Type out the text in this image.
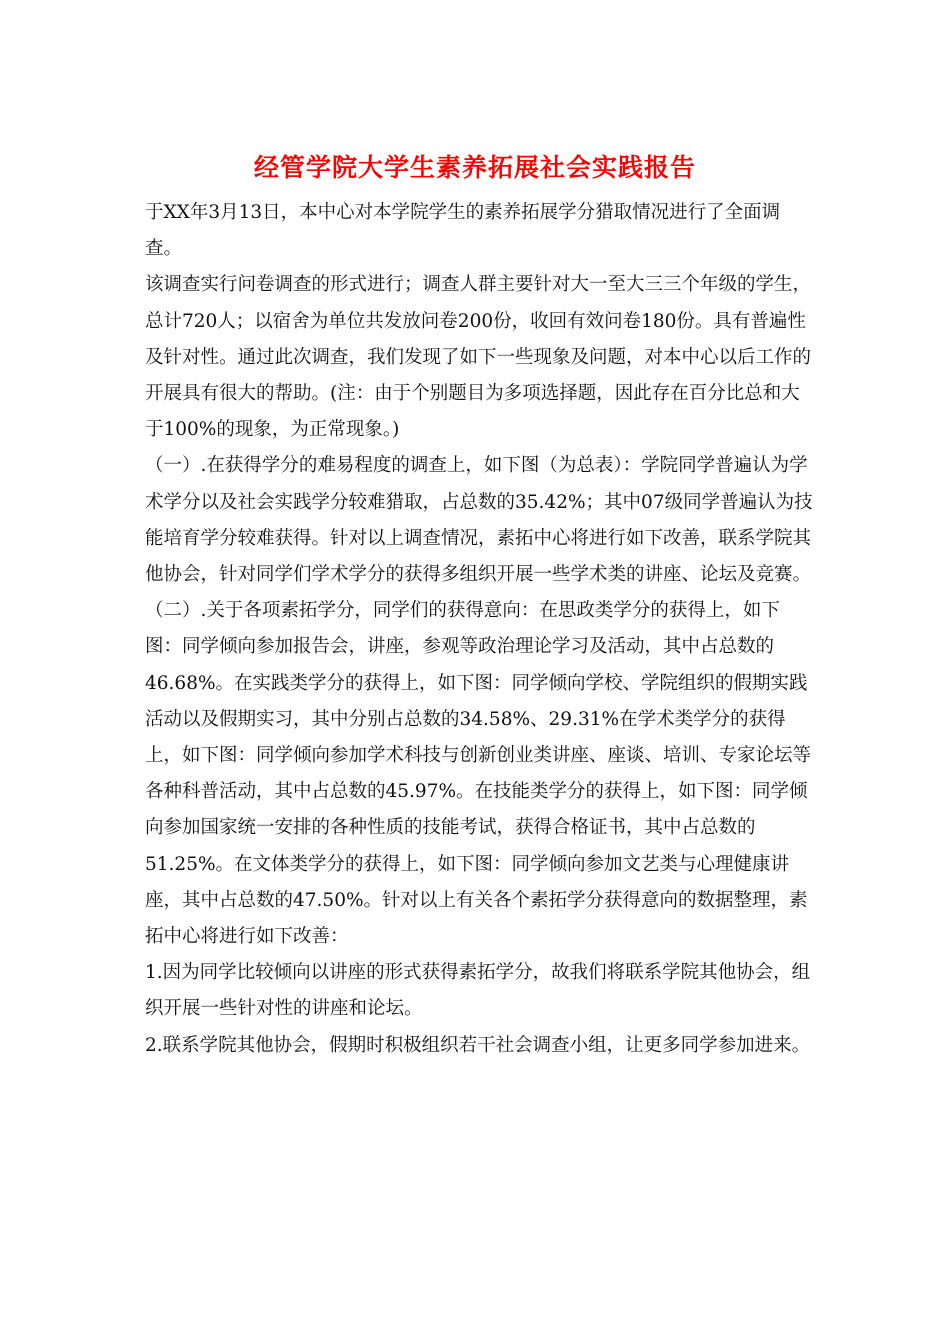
经管学院大学生素养拓展社会实践报告

于XX年3月13日，本中心对本学院学生的素养拓展学分猎取情况进行了全面调查。

该调查实行问卷调查的形式进行；调查人群主要针对大一至大三三个年级的学生，总计720人；以宿舍为单位共发放问卷200份，收回有效问卷180份。具有普遍性及针对性。通过此次调查，我们发现了如下一些现象及问题，对本中心以后工作的开展具有很大的帮助。(注：由于个别题目为多项选择题，因此存在百分比总和大于100%的现象，为正常现象。)

（一）.在获得学分的难易程度的调查上，如下图（为总表）：学院同学普遍认为学术学分以及社会实践学分较难猎取，占总数的35.42%；其中07级同学普遍认为技能培育学分较难获得。针对以上调查情况，素拓中心将进行如下改善，联系学院其他协会，针对同学们学术学分的获得多组织开展一些学术类的讲座、论坛及竞赛。

（二）.关于各项素拓学分，同学们的获得意向：在思政类学分的获得上，如下图：同学倾向参加报告会，讲座，参观等政治理论学习及活动，其中占总数的46.68%。在实践类学分的获得上，如下图：同学倾向学校、学院组织的假期实践活动以及假期实习，其中分别占总数的34.58%、29.31%在学术类学分的获得上，如下图：同学倾向参加学术科技与创新创业类讲座、座谈、培训、专家论坛等各种科普活动，其中占总数的45.97%。在技能类学分的获得上，如下图：同学倾向参加国家统一安排的各种性质的技能考试，获得合格证书，其中占总数的51.25%。在文体类学分的获得上，如下图：同学倾向参加文艺类与心理健康讲座，其中占总数的47.50%。针对以上有关各个素拓学分获得意向的数据整理，素拓中心将进行如下改善：

1.因为同学比较倾向以讲座的形式获得素拓学分，故我们将联系学院其他协会，组织开展一些针对性的讲座和论坛。

2.联系学院其他协会，假期时积极组织若干社会调查小组，让更多同学参加进来。
